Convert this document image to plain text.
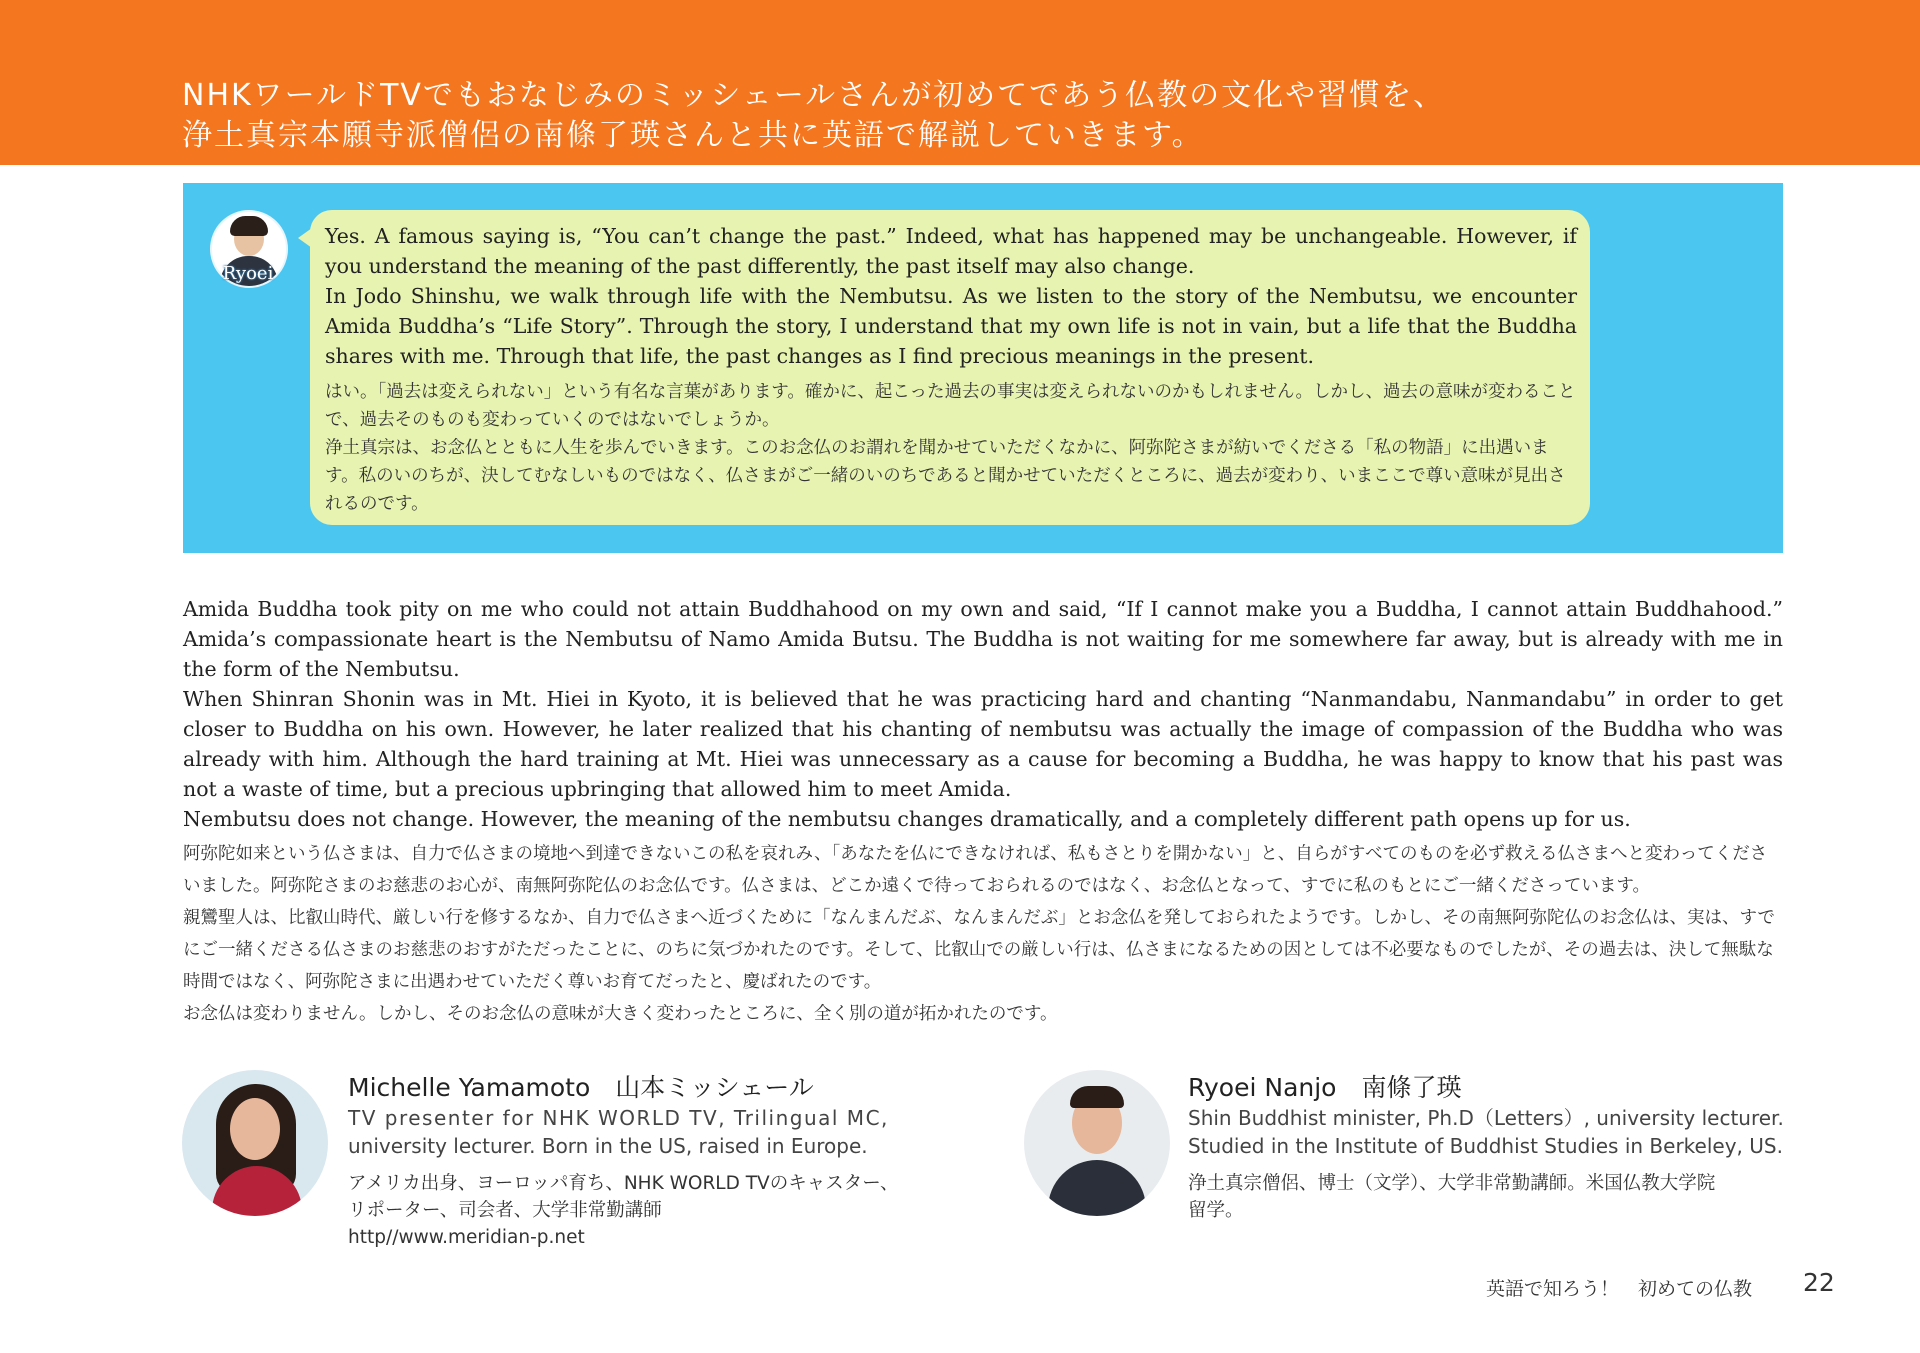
NHKワールドTVでもおなじみのミッシェールさんが初めてであう仏教の文化や習慣を、
浄土真宗本願寺派僧侶の南條了瑛さんと共に英語で解説していきます。
Ryoei
Yes. A famous saying is, “You can’t change the past.” Indeed, what has happened may be unchangeable. However, if you understand the meaning of the past differently, the past itself may also change.
In Jodo Shinshu, we walk through life with the Nembutsu. As we listen to the story of the Nembutsu, we encounter Amida Buddha’s “Life Story”. Through the story, I understand that my own life is not in vain, but a life that the Buddha shares with me. Through that life, the past changes as I find precious meanings in the present.
はい。「過去は変えられない」という有名な言葉があります。確かに、起こった過去の事実は変えられないのかもしれません。しかし、過去の意味が変わることで、過去そのものも変わっていくのではないでしょうか。
浄土真宗は、お念仏とともに人生を歩んでいきます。このお念仏のお謂れを聞かせていただくなかに、阿弥陀さまが紡いでくださる「私の物語」に出遇います。私のいのちが、決してむなしいものではなく、仏さまがご一緒のいのちであると聞かせていただくところに、過去が変わり、いまここで尊い意味が見出されるのです。
Amida Buddha took pity on me who could not attain Buddhahood on my own and said, “If I cannot make you a Buddha, I cannot attain Buddhahood.” Amida’s compassionate heart is the Nembutsu of Namo Amida Butsu. The Buddha is not waiting for me somewhere far away, but is already with me in the form of the Nembutsu.
When Shinran Shonin was in Mt. Hiei in Kyoto, it is believed that he was practicing hard and chanting “Nanmandabu, Nanmandabu” in order to get closer to Buddha on his own. However, he later realized that his chanting of nembutsu was actually the image of compassion of the Buddha who was already with him. Although the hard training at Mt. Hiei was unnecessary as a cause for becoming a Buddha, he was happy to know that his past was not a waste of time, but a precious upbringing that allowed him to meet Amida.
Nembutsu does not change. However, the meaning of the nembutsu changes dramatically, and a completely different path opens up for us.
阿弥陀如来という仏さまは、自力で仏さまの境地へ到達できないこの私を哀れみ、「あなたを仏にできなければ、私もさとりを開かない」と、自らがすべてのものを必ず救える仏さまへと変わってくださいました。阿弥陀さまのお慈悲のお心が、南無阿弥陀仏のお念仏です。仏さまは、どこか遠くで待っておられるのではなく、お念仏となって、すでに私のもとにご一緒くださっています。
親鸞聖人は、比叡山時代、厳しい行を修するなか、自力で仏さまへ近づくために「なんまんだぶ、なんまんだぶ」とお念仏を発しておられたようです。しかし、その南無阿弥陀仏のお念仏は、実は、すでにご一緒くださる仏さまのお慈悲のおすがただったことに、のちに気づかれたのです。そして、比叡山での厳しい行は、仏さまになるための因としては不必要なものでしたが、その過去は、決して無駄な時間ではなく、阿弥陀さまに出遇わせていただく尊いお育てだったと、慶ばれたのです。
お念仏は変わりません。しかし、そのお念仏の意味が大きく変わったところに、全く別の道が拓かれたのです。
Michelle Yamamoto　山本ミッシェール
TV presenter for NHK WORLD TV, Trilingual MC,
university lecturer. Born in the US, raised in Europe.
アメリカ出身、ヨーロッパ育ち、NHK WORLD TVのキャスター、
リポーター、司会者、大学非常勤講師
http//www.meridian-p.net
Ryoei Nanjo　南條了瑛
Shin Buddhist minister, Ph.D（Letters）, university lecturer.
Studied in the Institute of Buddhist Studies in Berkeley, US.
浄土真宗僧侶、博士（文学）、大学非常勤講師。米国仏教大学院
留学。
英語で知ろう！　初めての仏教 22
